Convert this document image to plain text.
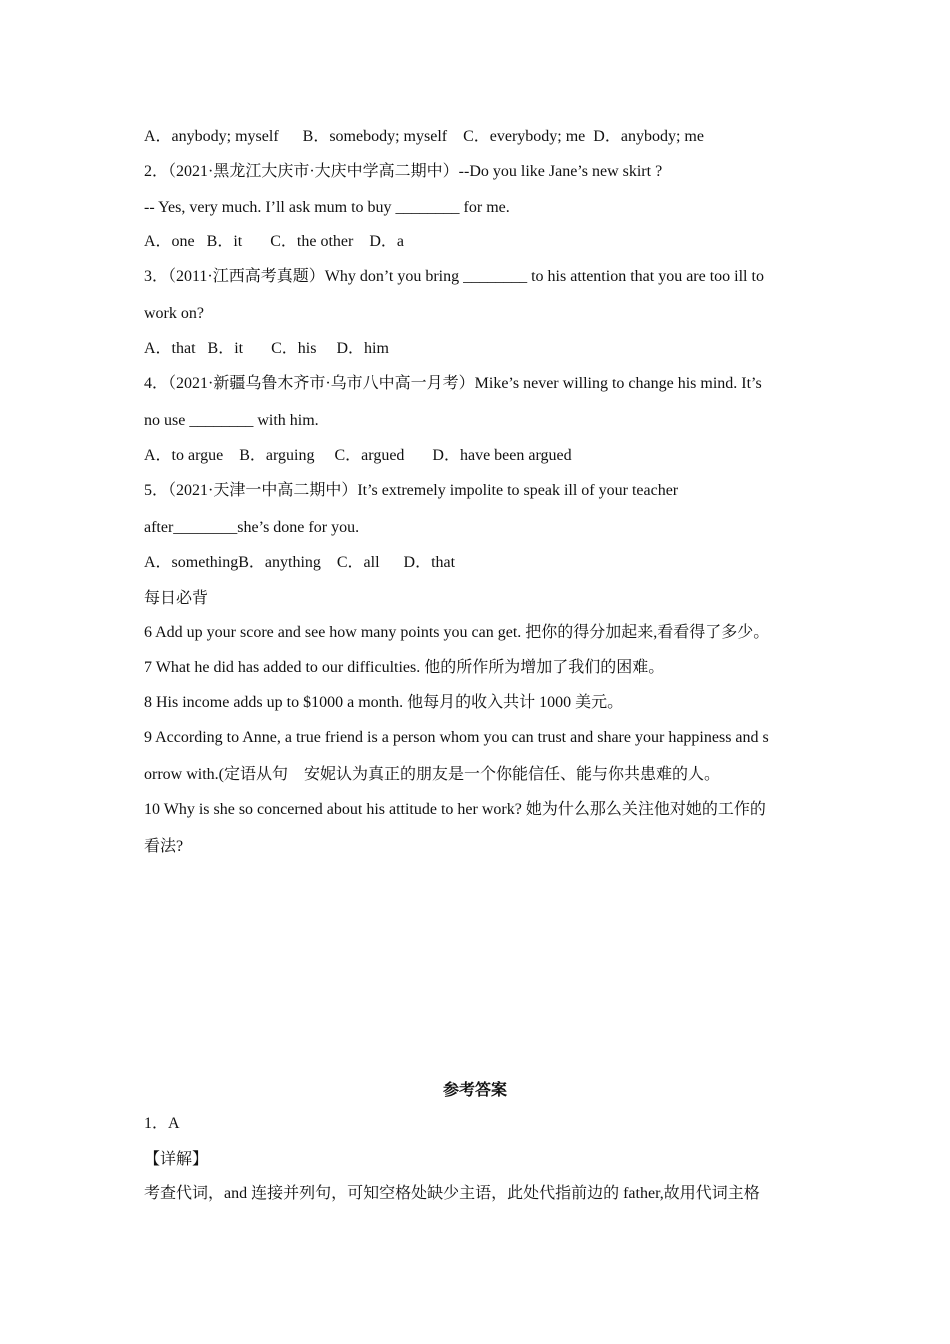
A．anybody; myself      B．somebody; myself    C．everybody; me  D．anybody; me
2．（2021·黑龙江大庆市·大庆中学高二期中）--Do you like Jane’s new skirt ?
-- Yes, very much. I’ll ask mum to buy ________ for me.
A．one   B．it       C．the other    D．a
3．（2011·江西高考真题）Why don’t you bring ________ to his attention that you are too ill to
work on?
A．that   B．it       C．his     D．him
4．（2021·新疆乌鲁木齐市·乌市八中高一月考）Mike’s never willing to change his mind. It’s
no use ________ with him.
A．to argue    B．arguing     C．argued       D．have been argued
5．（2021·天津一中高二期中）It’s extremely impolite to speak ill of your teacher
after________she’s done for you.
A．somethingB．anything    C．all      D．that
每日必背
6 Add up your score and see how many points you can get. 把你的得分加起来,看看得了多少。
7 What he did has added to our difficulties. 他的所作所为增加了我们的困难。
8 His income adds up to $1000 a month. 他每月的收入共计 1000 美元。
9 According to Anne, a true friend is a person whom you can trust and share your happiness and s
orrow with.(定语从句    安妮认为真正的朋友是一个你能信任、能与你共患难的人。
10 Why is she so concerned about his attitude to her work? 她为什么那么关注他对她的工作的
看法?
参考答案
1．A
【详解】
考查代词，and 连接并列句，可知空格处缺少主语，此处代指前边的 father,故用代词主格
